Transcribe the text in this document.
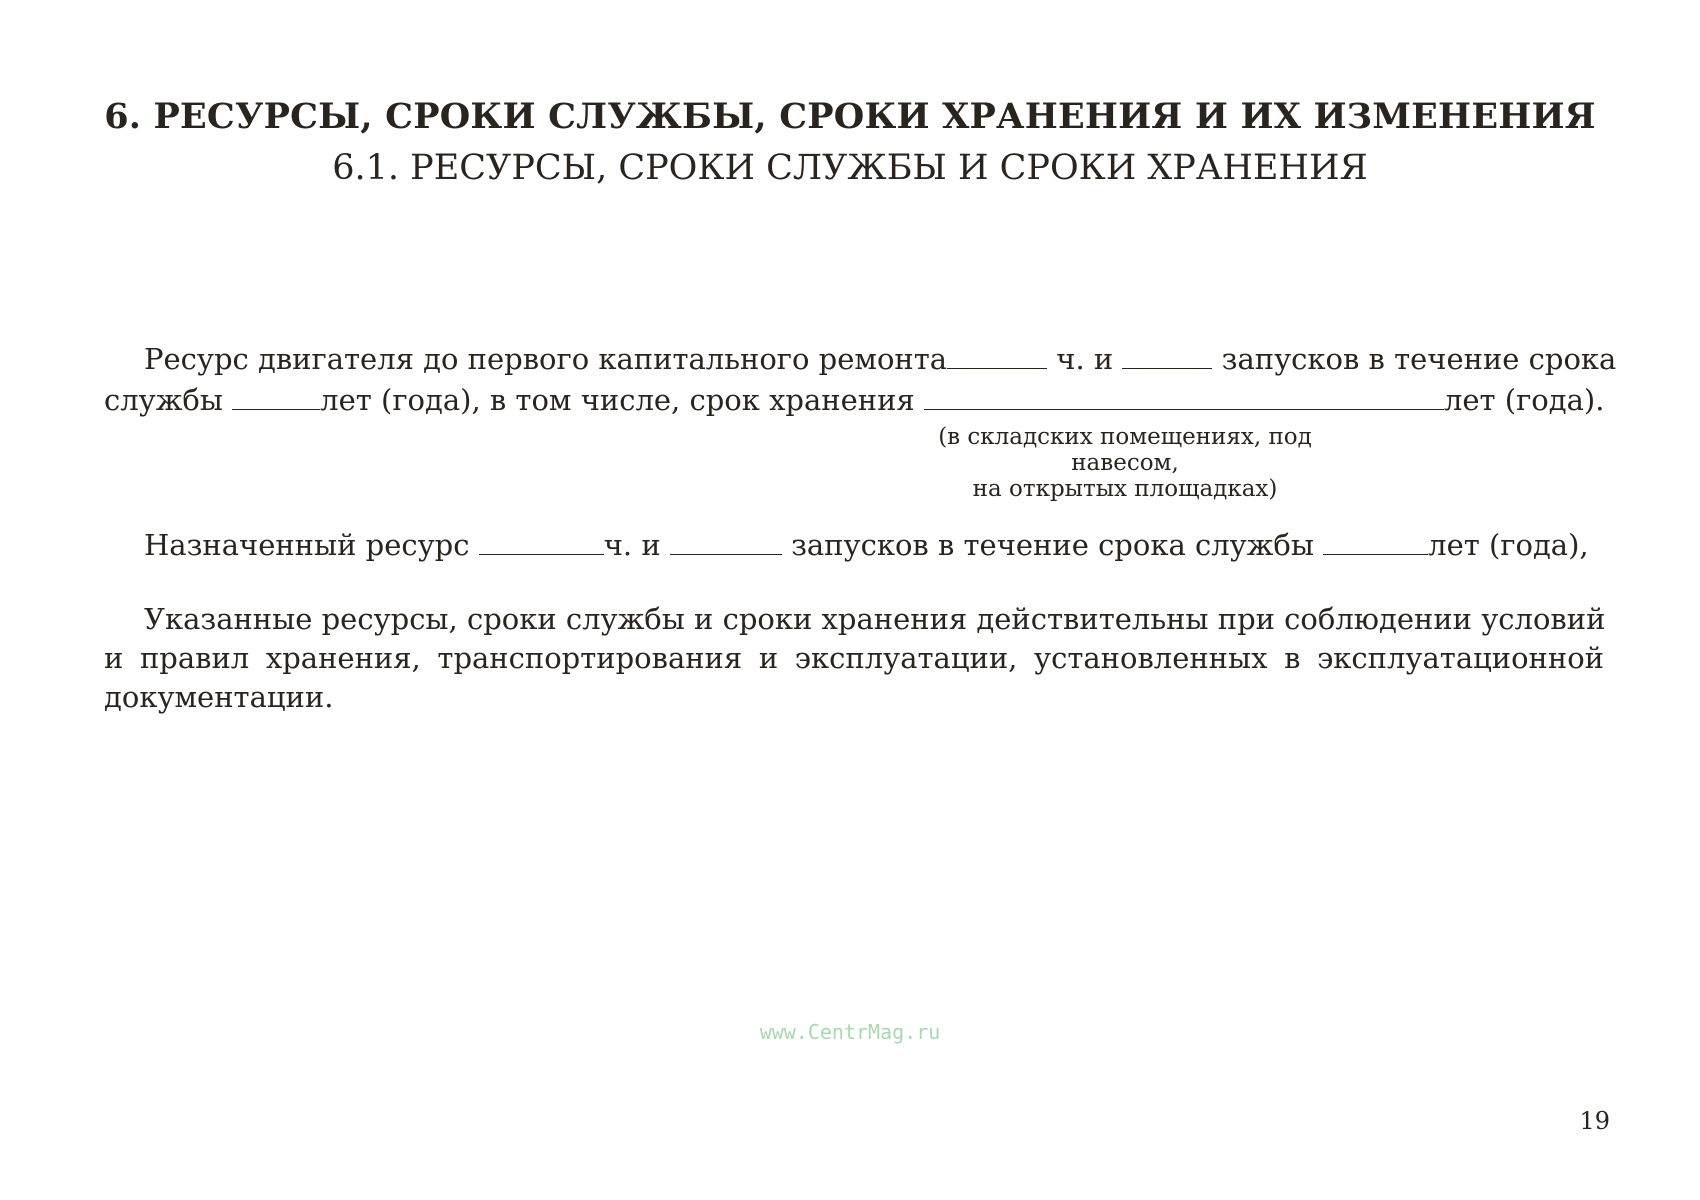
6. РЕСУРСЫ, СРОКИ СЛУЖБЫ, СРОКИ ХРАНЕНИЯ И ИХ ИЗМЕНЕНИЯ
6.1. РЕСУРСЫ, СРОКИ СЛУЖБЫ И СРОКИ ХРАНЕНИЯ
Ресурс двигателя до первого капитального ремонта	ч. и	запусков в течение срока
службы	лет (года), в том числе, срок хранения	лет (года).
(в складских помещениях, под навесом,
на открытых площадках)
Назначенный ресурс	ч. и	запусков в течение срока службы	лет (года),
Указанные ресурсы, сроки службы и сроки хранения действительны при соблюдении условий
и правил хранения, транспортирования и эксплуатации, установленных в эксплуатационной
документации.
www.CentrMag.ru
19
